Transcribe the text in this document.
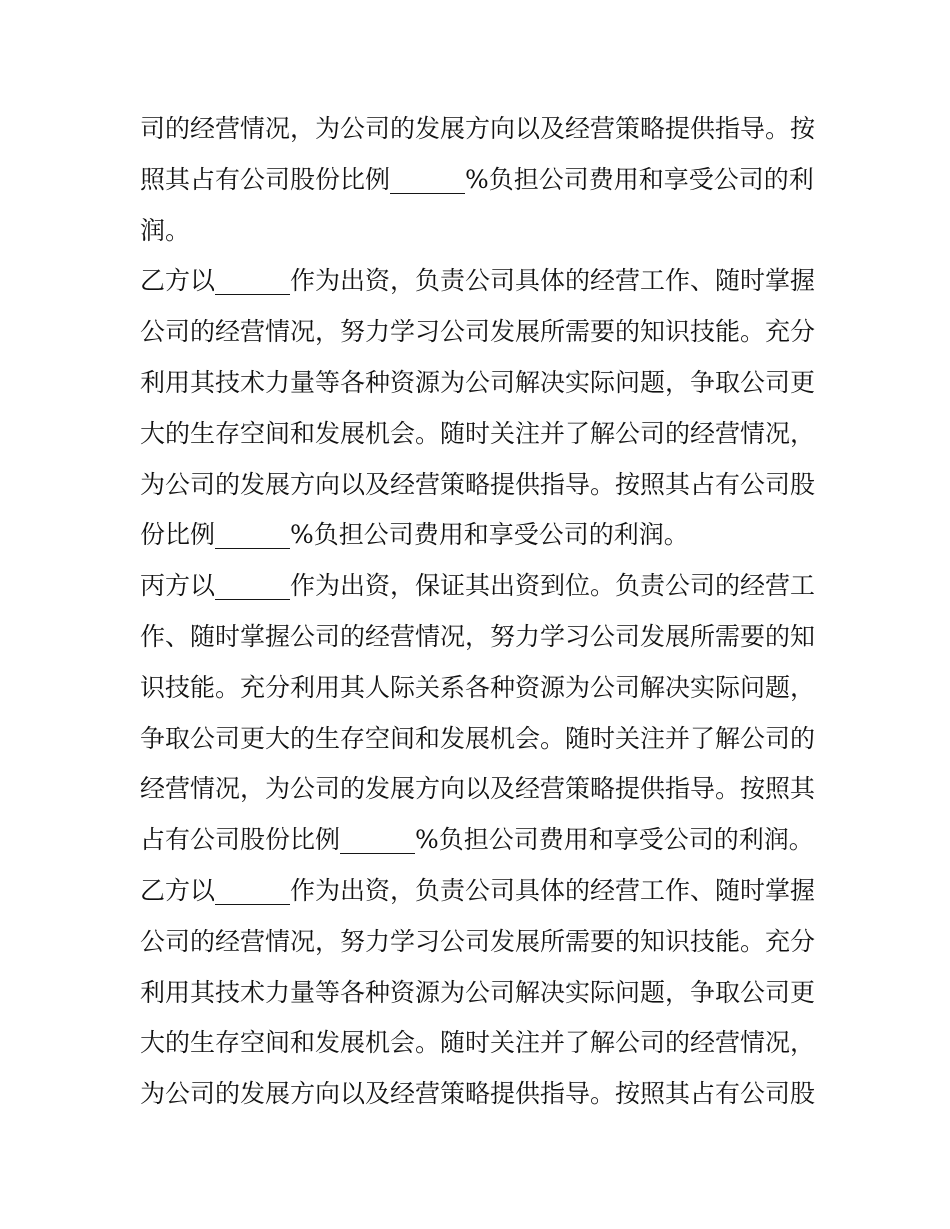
司的经营情况，为公司的发展方向以及经营策略提供指导。按
照其占有公司股份比例______%负担公司费用和享受公司的利
润。
乙方以______作为出资，负责公司具体的经营工作、随时掌握
公司的经营情况，努力学习公司发展所需要的知识技能。充分
利用其技术力量等各种资源为公司解决实际问题，争取公司更
大的生存空间和发展机会。随时关注并了解公司的经营情况，
为公司的发展方向以及经营策略提供指导。按照其占有公司股
份比例______%负担公司费用和享受公司的利润。
丙方以______作为出资，保证其出资到位。负责公司的经营工
作、随时掌握公司的经营情况，努力学习公司发展所需要的知
识技能。充分利用其人际关系各种资源为公司解决实际问题，
争取公司更大的生存空间和发展机会。随时关注并了解公司的
经营情况，为公司的发展方向以及经营策略提供指导。按照其
占有公司股份比例______%负担公司费用和享受公司的利润。
乙方以______作为出资，负责公司具体的经营工作、随时掌握
公司的经营情况，努力学习公司发展所需要的知识技能。充分
利用其技术力量等各种资源为公司解决实际问题，争取公司更
大的生存空间和发展机会。随时关注并了解公司的经营情况，
为公司的发展方向以及经营策略提供指导。按照其占有公司股
